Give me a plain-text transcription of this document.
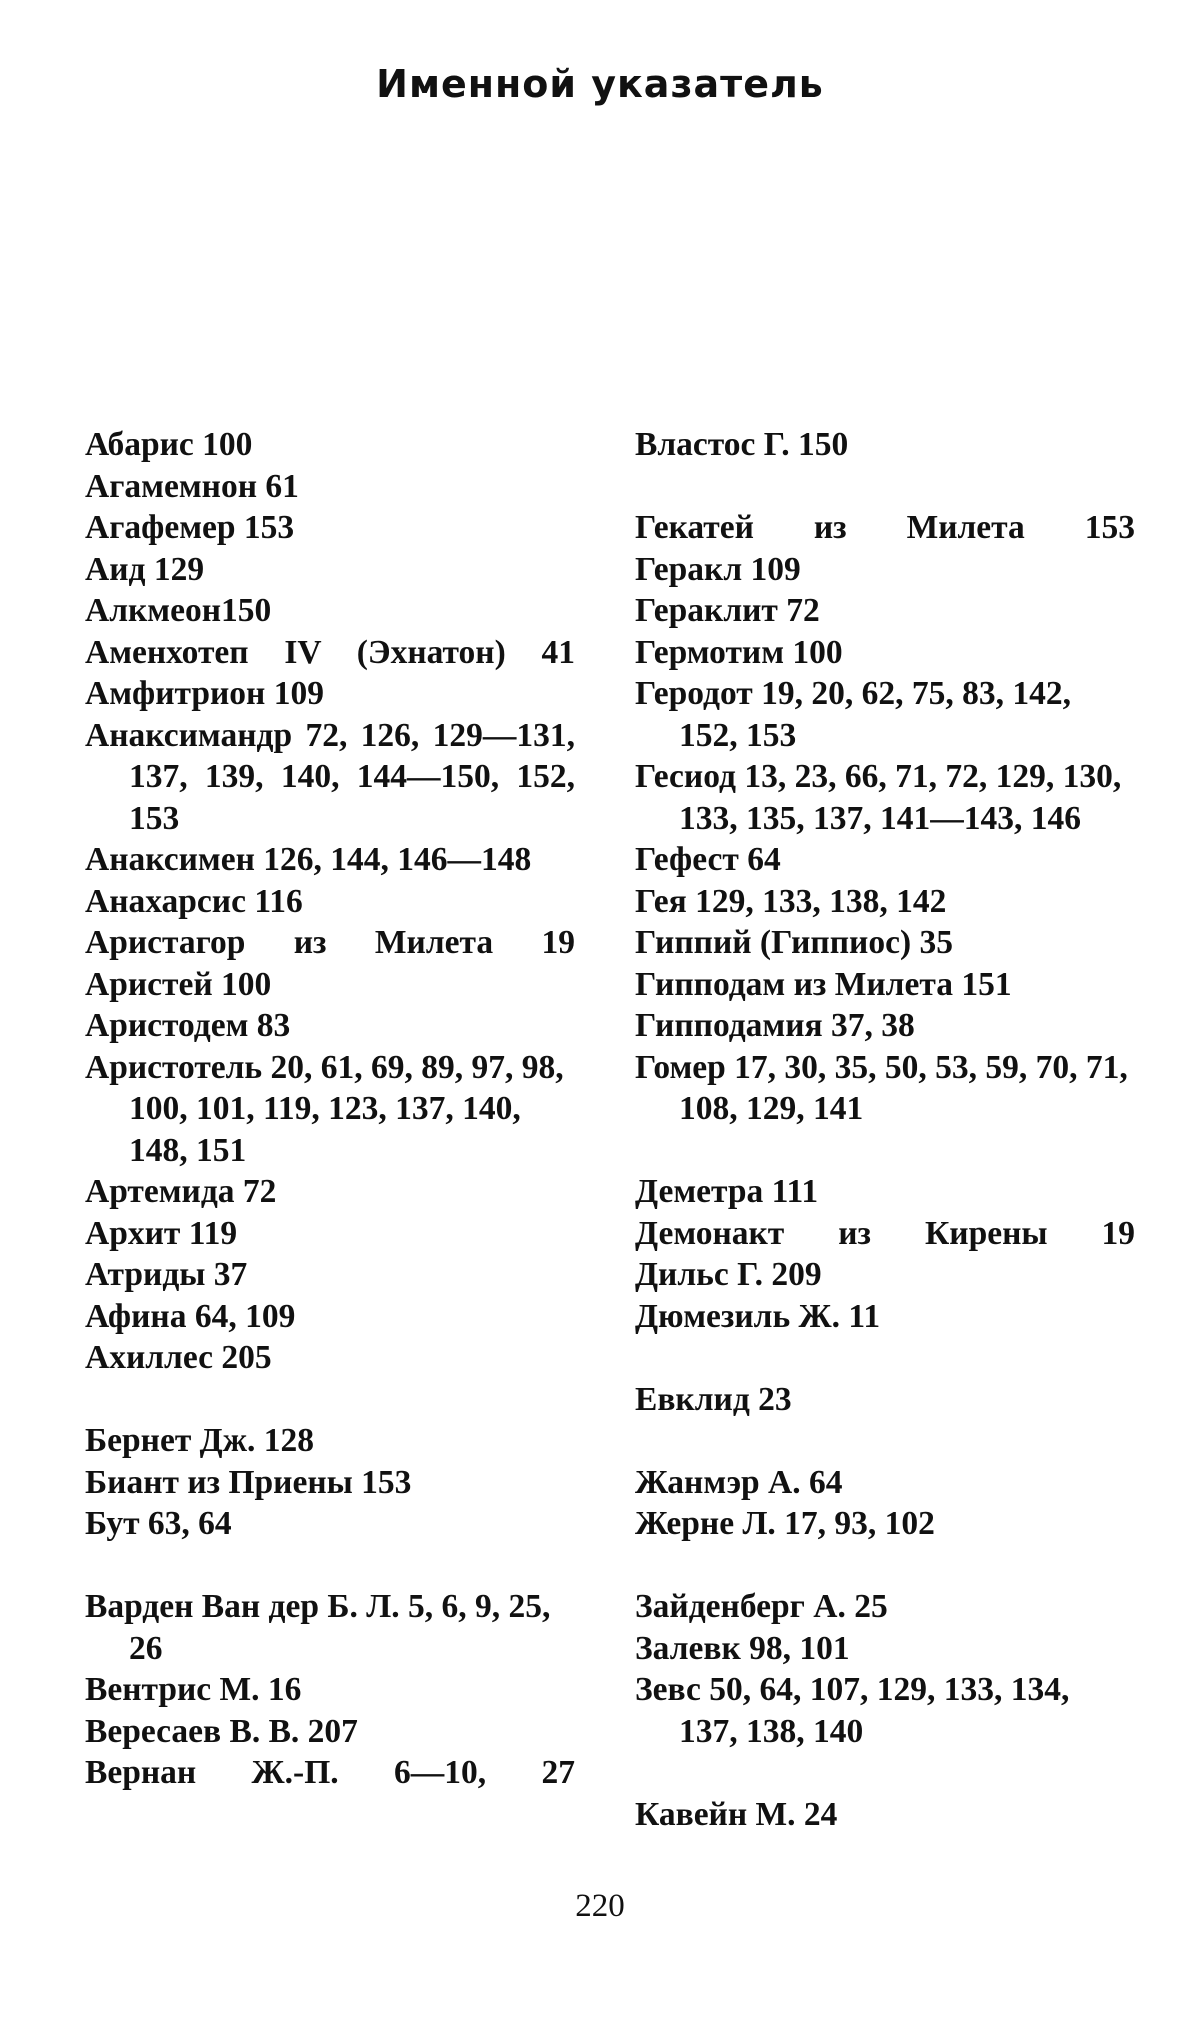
Именной указатель
Абарис 100
Агамемнон 61
Агафемер 153
Аид 129
Алкмеон150
Аменхотеп IV (Эхнатон) 41
Амфитрион 109
Анаксимандр 72, 126, 129—131, 137, 139, 140, 144—150, 152, 153
Анаксимен 126, 144, 146—148
Анахарсис 116
Аристагор из Милета 19
Аристей 100
Аристодем 83
Аристотель 20, 61, 69, 89, 97, 98, 100, 101, 119, 123, 137, 140, 148, 151
Артемида 72
Архит 119
Атриды 37
Афина 64, 109
Ахиллес 205
Бернет Дж. 128
Биант из Приены 153
Бут 63, 64
Варден Ван дер Б. Л. 5, 6, 9, 25, 26
Вентрис М. 16
Вересаев В. В. 207
Вернан Ж.-П. 6—10, 27
Властос Г. 150
Гекатей из Милета 153
Геракл 109
Гераклит 72
Гермотим 100
Геродот 19, 20, 62, 75, 83, 142, 152, 153
Гесиод 13, 23, 66, 71, 72, 129, 130, 133, 135, 137, 141—143, 146
Гефест 64
Гея 129, 133, 138, 142
Гиппий (Гиппиос) 35
Гипподам из Милета 151
Гипподамия 37, 38
Гомер 17, 30, 35, 50, 53, 59, 70, 71, 108, 129, 141
Деметра 111
Демонакт из Кирены 19
Дильс Г. 209
Дюмезиль Ж. 11
Евклид 23
Жанмэр А. 64
Жерне Л. 17, 93, 102
Зайденберг А. 25
Залевк 98, 101
Зевс 50, 64, 107, 129, 133, 134, 137, 138, 140
Кавейн М. 24
220
